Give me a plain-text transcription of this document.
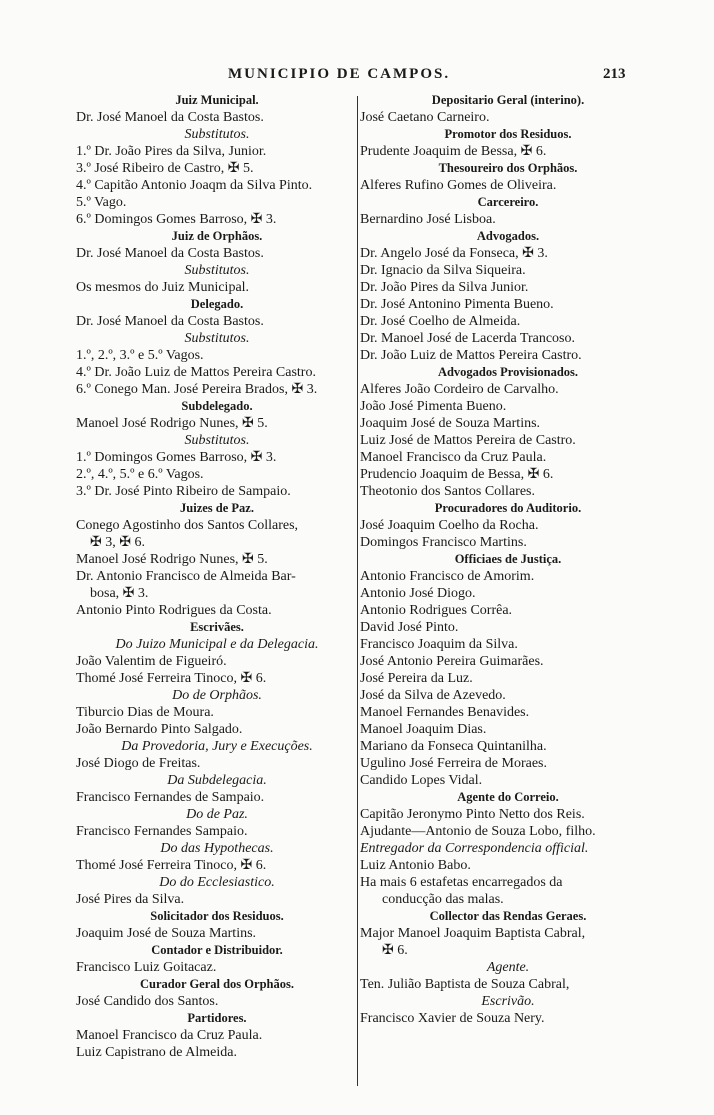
MUNICIPIO DE CAMPOS.	213
Juiz Municipal.
Dr. José Manoel da Costa Bastos.
Substitutos.
1.º Dr. João Pires da Silva, Junior.
3.º José Ribeiro de Castro, ✠ 5.
4.º Capitão Antonio Joaqm da Silva Pinto.
5.º Vago.
6.º Domingos Gomes Barroso, ✠ 3.
Juiz de Orphãos.
Dr. José Manoel da Costa Bastos.
Substitutos.
Os mesmos do Juiz Municipal.
Delegado.
Dr. José Manoel da Costa Bastos.
Substitutos.
1.º, 2.º, 3.º e 5.º Vagos.
4.º Dr. João Luiz de Mattos Pereira Castro.
6.º Conego Man. José Pereira Brados, ✠ 3.
Subdelegado.
Manoel José Rodrigo Nunes, ✠ 5.
Substitutos.
1.º Domingos Gomes Barroso, ✠ 3.
2.º, 4.º, 5.º e 6.º Vagos.
3.º Dr. José Pinto Ribeiro de Sampaio.
Juizes de Paz.
Conego Agostinho dos Santos Collares,
✠ 3, ✠ 6.
Manoel José Rodrigo Nunes, ✠ 5.
Dr. Antonio Francisco de Almeida Bar-
bosa, ✠ 3.
Antonio Pinto Rodrigues da Costa.
Escrivães.
Do Juizo Municipal e da Delegacia.
João Valentim de Figueiró.
Thomé José Ferreira Tinoco, ✠ 6.
Do de Orphãos.
Tiburcio Dias de Moura.
João Bernardo Pinto Salgado.
Da Provedoria, Jury e Execuções.
José Diogo de Freitas.
Da Subdelegacia.
Francisco Fernandes de Sampaio.
Do de Paz.
Francisco Fernandes Sampaio.
Do das Hypothecas.
Thomé José Ferreira Tinoco, ✠ 6.
Do do Ecclesiastico.
José Pires da Silva.
Solicitador dos Residuos.
Joaquim José de Souza Martins.
Contador e Distribuidor.
Francisco Luiz Goitacaz.
Curador Geral dos Orphãos.
José Candido dos Santos.
Partidores.
Manoel Francisco da Cruz Paula.
Luiz Capistrano de Almeida.
Depositario Geral (interino).
José Caetano Carneiro.
Promotor dos Residuos.
Prudente Joaquim de Bessa, ✠ 6.
Thesoureiro dos Orphãos.
Alferes Rufino Gomes de Oliveira.
Carcereiro.
Bernardino José Lisboa.
Advogados.
Dr. Angelo José da Fonseca, ✠ 3.
Dr. Ignacio da Silva Siqueira.
Dr. João Pires da Silva Junior.
Dr. José Antonino Pimenta Bueno.
Dr. José Coelho de Almeida.
Dr. Manoel José de Lacerda Trancoso.
Dr. João Luiz de Mattos Pereira Castro.
Advogados Provisionados.
Alferes João Cordeiro de Carvalho.
João José Pimenta Bueno.
Joaquim José de Souza Martins.
Luiz José de Mattos Pereira de Castro.
Manoel Francisco da Cruz Paula.
Prudencio Joaquim de Bessa, ✠ 6.
Theotonio dos Santos Collares.
Procuradores do Auditorio.
José Joaquim Coelho da Rocha.
Domingos Francisco Martins.
Officiaes de Justiça.
Antonio Francisco de Amorim.
Antonio José Diogo.
Antonio Rodrigues Corrêa.
David José Pinto.
Francisco Joaquim da Silva.
José Antonio Pereira Guimarães.
José Pereira da Luz.
José da Silva de Azevedo.
Manoel Fernandes Benavides.
Manoel Joaquim Dias.
Mariano da Fonseca Quintanilha.
Ugulino José Ferreira de Moraes.
Candido Lopes Vidal.
Agente do Correio.
Capitão Jeronymo Pinto Netto dos Reis.
Ajudante—Antonio de Souza Lobo, filho.
Entregador da Correspondencia official.
Luiz Antonio Babo.
Ha mais 6 estafetas encarregados da
conducção das malas.
Collector das Rendas Geraes.
Major Manoel Joaquim Baptista Cabral,
✠ 6.
Agente.
Ten. Julião Baptista de Souza Cabral,
Escrivão.
Francisco Xavier de Souza Nery.
